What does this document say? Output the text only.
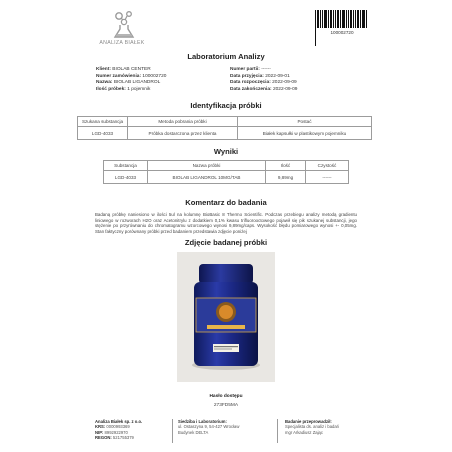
ANALIZA BIAŁEK
100002720
Laboratorium Analizy
Klient: BIOLAB CENTER
Numer zamówienia: 100002720
Nazwa: BIOLAB LIGANDROL
Ilość próbek: 1 pojemnik
Numer partii: ------
Data przyjęcia: 2022-09-01
Data rozpoczęcia: 2022-09-09
Data zakończenia: 2022-09-09
Identyfikacja próbki
Szukana substancja	Metoda pobrania próbki	Postać
LGD-4033	Próbka dostarczona przez klienta	Białek kapsułki w plastikowym pojemniku
Wyniki
Substancja	Nazwa próbki	Ilość	Czystość
LGD-4033	BIOLAB LIGANDROL 10MG/TAB	9,89mg	------
Komentarz do badania
Badaną próbkę naniesiono w ilości 5ul na kolumnę BioBasic 8 Thermo Scientific. Podczas przebiegu analizy metodą gradientu liniowego w rozworach H2O oraz Acetonitrylu z dodatkiem 0,1% kwasu trifluorooctowego pojawił się pik szukanej substancji, jego stężenie po przyrównaniu do chromatogramu wzorcowego wynosi 9,89mg/caps. Wysokość błędu pomiarowego wynosi +- 0,05mg. Stan faktyczny porównany próbki przed badaniem przedstawia zdjęcie poniżej
Zdjęcie badanej próbki
Hasło dostępu
273FD5MA
Analiza Białek sp. z o.o.
KRS: 0000993369
NIP: 8992922970
REGON: 521755379
Siedziba i Laboratorium:
ul. Ostaszyna 9, 54-427 Wrocław
Budynek DELTA
Badanie przeprowadził:
Specjalista ds. analiz i badań
mgr Arkadiusz Zając
